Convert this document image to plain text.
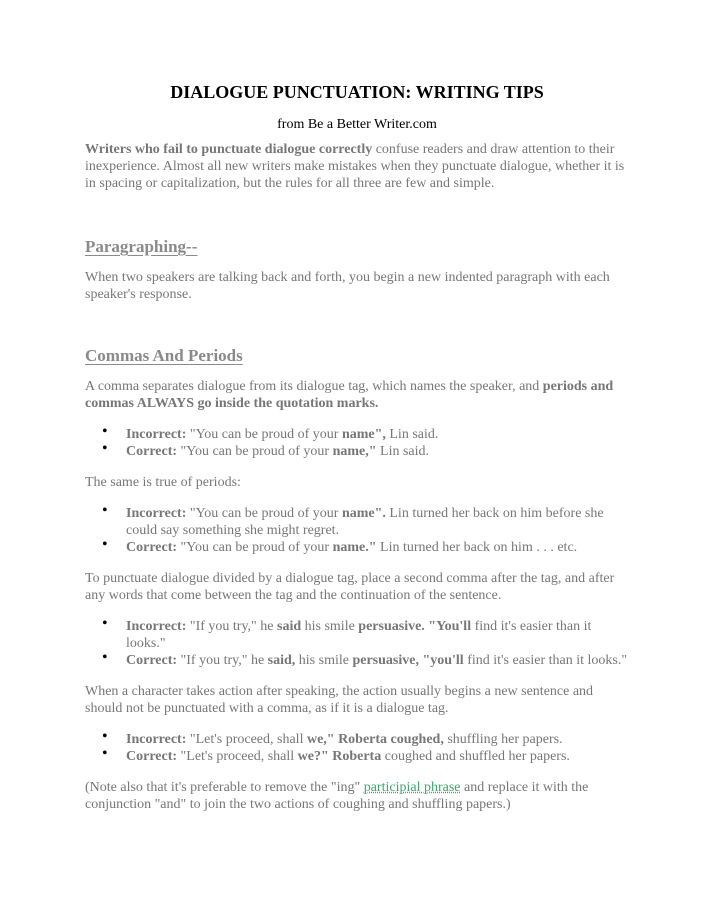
DIALOGUE PUNCTUATION: WRITING TIPS

from Be a Better Writer.com

Writers who fail to punctuate dialogue correctly confuse readers and draw attention to their inexperience. Almost all new writers make mistakes when they punctuate dialogue, whether it is in spacing or capitalization, but the rules for all three are few and simple.

Paragraphing--

When two speakers are talking back and forth, you begin a new indented paragraph with each speaker's response.

Commas And Periods

A comma separates dialogue from its dialogue tag, which names the speaker, and periods and commas ALWAYS go inside the quotation marks.

• Incorrect: "You can be proud of your name", Lin said.
• Correct: "You can be proud of your name," Lin said.

The same is true of periods:

• Incorrect: "You can be proud of your name". Lin turned her back on him before she could say something she might regret.
• Correct: "You can be proud of your name." Lin turned her back on him . . . etc.

To punctuate dialogue divided by a dialogue tag, place a second comma after the tag, and after any words that come between the tag and the continuation of the sentence.

• Incorrect: "If you try," he said his smile persuasive. "You'll find it's easier than it looks."
• Correct: "If you try," he said, his smile persuasive, "you'll find it's easier than it looks."

When a character takes action after speaking, the action usually begins a new sentence and should not be punctuated with a comma, as if it is a dialogue tag.

• Incorrect: "Let's proceed, shall we," Roberta coughed, shuffling her papers.
• Correct: "Let's proceed, shall we?" Roberta coughed and shuffled her papers.

(Note also that it's preferable to remove the "ing" participial phrase and replace it with the conjunction "and" to join the two actions of coughing and shuffling papers.)
